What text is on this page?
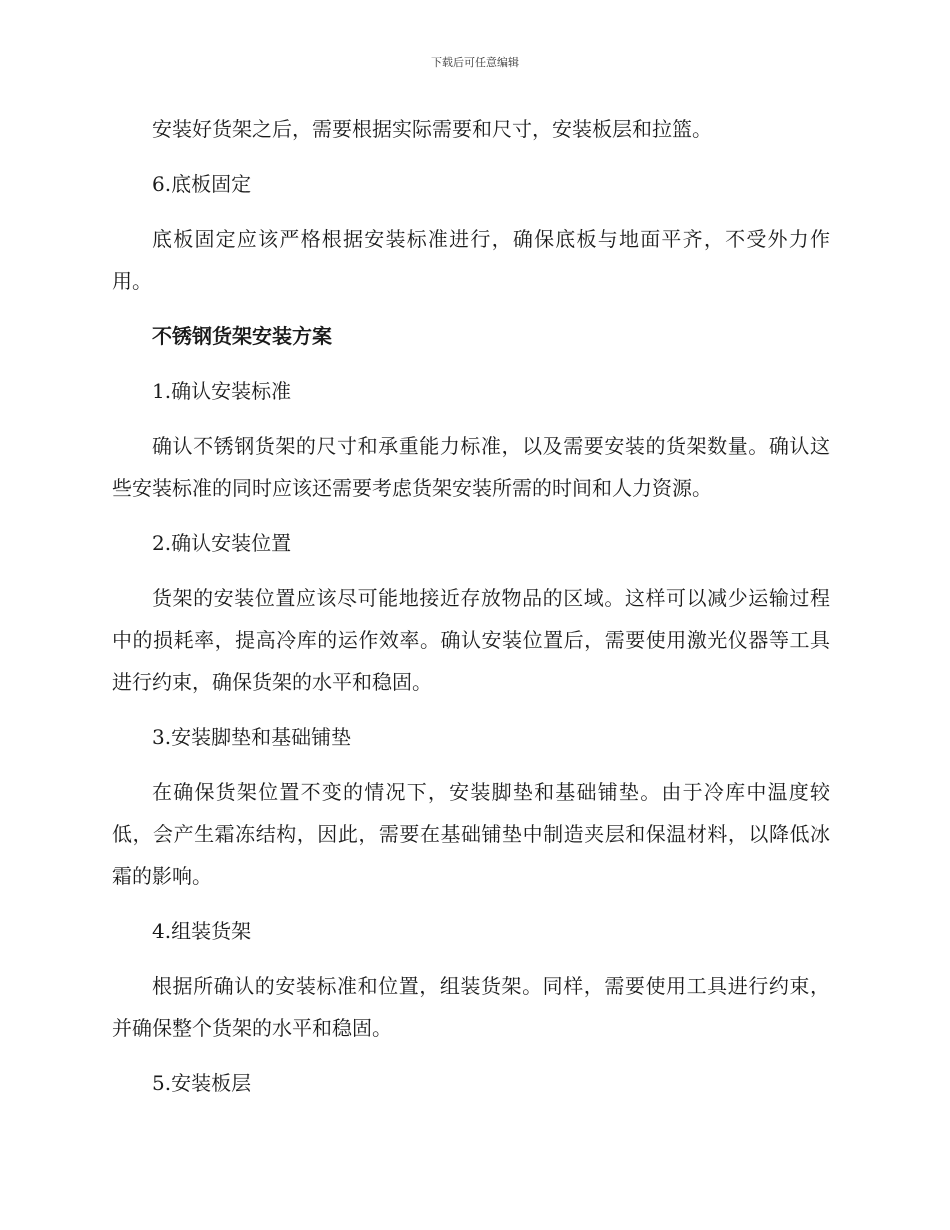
下载后可任意编辑

安装好货架之后，需要根据实际需要和尺寸，安装板层和拉篮。

6.底板固定

底板固定应该严格根据安装标准进行，确保底板与地面平齐，不受外力作用。

不锈钢货架安装方案

1.确认安装标准

确认不锈钢货架的尺寸和承重能力标准，以及需要安装的货架数量。确认这些安装标准的同时应该还需要考虑货架安装所需的时间和人力资源。

2.确认安装位置

货架的安装位置应该尽可能地接近存放物品的区域。这样可以减少运输过程中的损耗率，提高冷库的运作效率。确认安装位置后，需要使用激光仪器等工具进行约束，确保货架的水平和稳固。

3.安装脚垫和基础铺垫

在确保货架位置不变的情况下，安装脚垫和基础铺垫。由于冷库中温度较低，会产生霜冻结构，因此，需要在基础铺垫中制造夹层和保温材料，以降低冰霜的影响。

4.组装货架

根据所确认的安装标准和位置，组装货架。同样，需要使用工具进行约束，并确保整个货架的水平和稳固。

5.安装板层
